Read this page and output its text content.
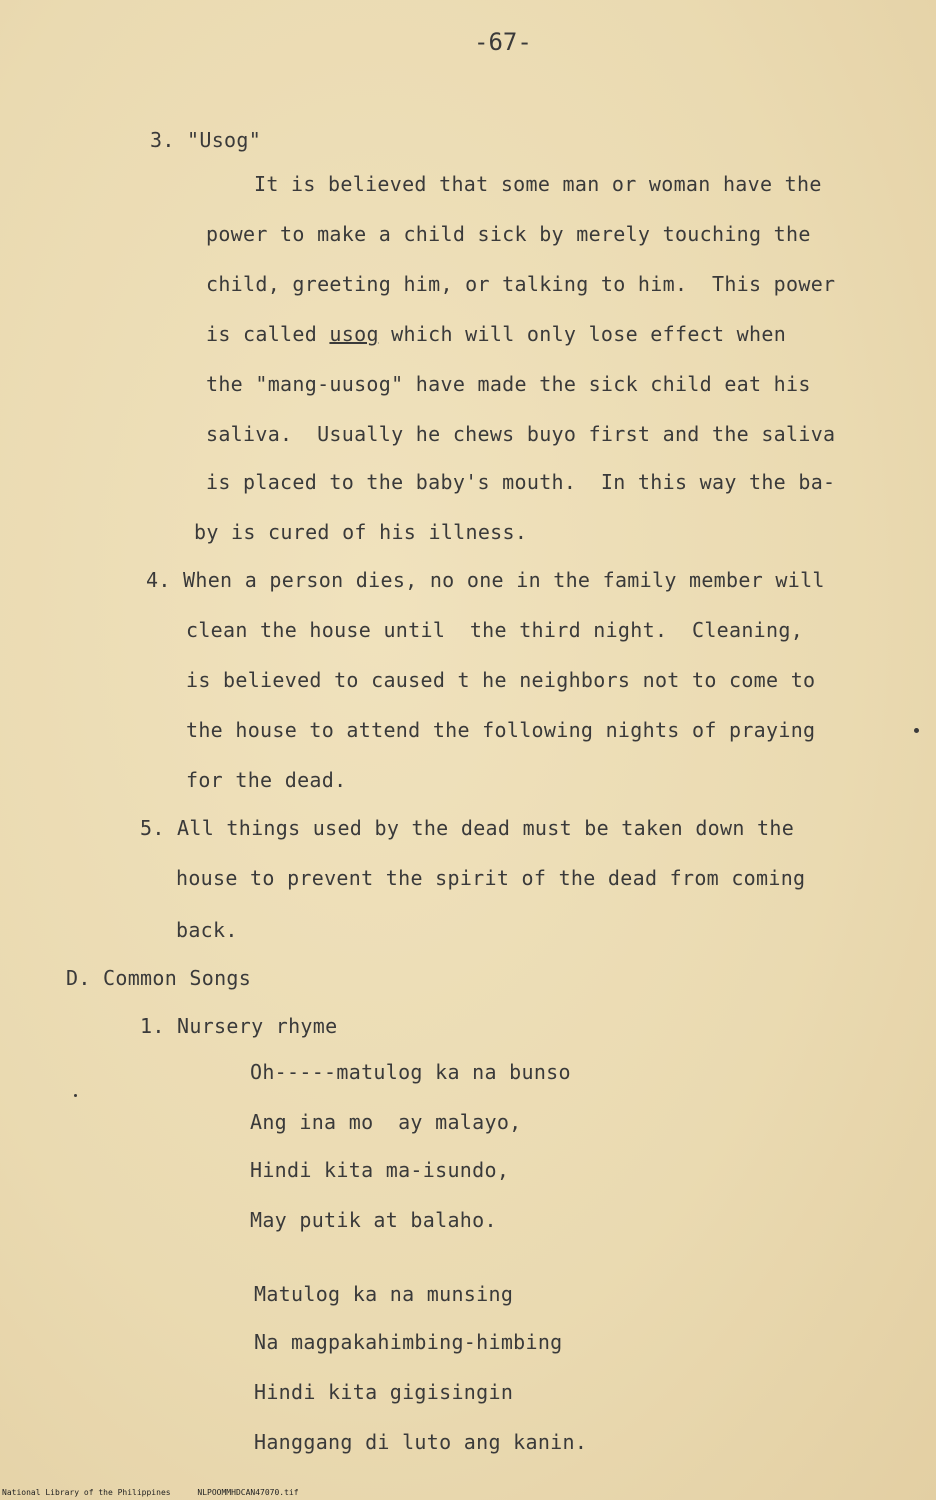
-67-
3. "Usog"
It is believed that some man or woman have the
power to make a child sick by merely touching the
child, greeting him, or talking to him.  This power
is called usog which will only lose effect when
the "mang-uusog" have made the sick child eat his
saliva.  Usually he chews buyo first and the saliva
is placed to the baby's mouth.  In this way the ba-
by is cured of his illness.
4. When a person dies, no one in the family member will
clean the house until  the third night.  Cleaning,
is believed to caused t he neighbors not to come to
the house to attend the following nights of praying
for the dead.
5. All things used by the dead must be taken down the
house to prevent the spirit of the dead from coming
back.
D. Common Songs
1. Nursery rhyme
Oh-----matulog ka na bunso
Ang ina mo  ay malayo,
Hindi kita ma-isundo,
May putik at balaho.
Matulog ka na munsing
Na magpakahimbing-himbing
Hindi kita gigisingin
Hanggang di luto ang kanin.
National Library of the Philippines	NLPOOMMHDCAN47070.tif
